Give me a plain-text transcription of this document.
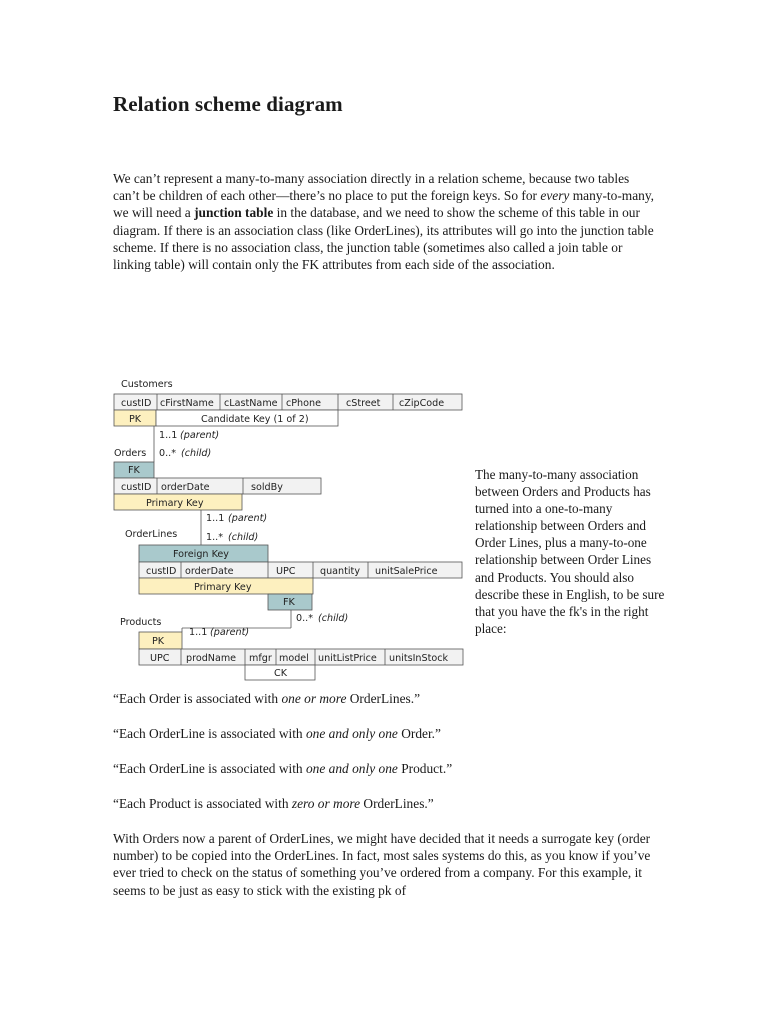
Relation scheme diagram

We can’t represent a many-to-many association directly in a relation scheme, because two tables can’t be children of each other—there’s no place to put the foreign keys. So for every many-to-many, we will need a junction table in the database, and we need to show the scheme of this table in our diagram. If there is an association class (like OrderLines), its attributes will go into the junction table scheme. If there is no association class, the junction table (sometimes also called a join table or linking table) will contain only the FK attributes from each side of the association.

Customers
custID cFirstName cLastName cPhone	cStreet cZipCode
PK	Candidate Key (1 of 2)
1..1 (parent)
0..* (child)
Orders
FK
custID orderDate	soldBy
Primary Key
1..1 (parent)
1..* (child)
OrderLines
Foreign Key
custID orderDate	UPC	quantity unitSalePrice
Primary Key
FK
0..* (child)
1..1 (parent)
Products
PK
UPC prodName mfgr model unitListPrice unitsInStock
CK

The many-to-many association between Orders and Products has turned into a one-to-many relationship between Orders and Order Lines, plus a many-to-one relationship between Order Lines and Products. You should also describe these in English, to be sure that you have the fk's in the right place:

“Each Order is associated with one or more OrderLines.”

“Each OrderLine is associated with one and only one Order.”

“Each OrderLine is associated with one and only one Product.”

“Each Product is associated with zero or more OrderLines.”

With Orders now a parent of OrderLines, we might have decided that it needs a surrogate key (order number) to be copied into the OrderLines. In fact, most sales systems do this, as you know if you’ve ever tried to check on the status of something you’ve ordered from a company. For this example, it seems to be just as easy to stick with the existing pk of
